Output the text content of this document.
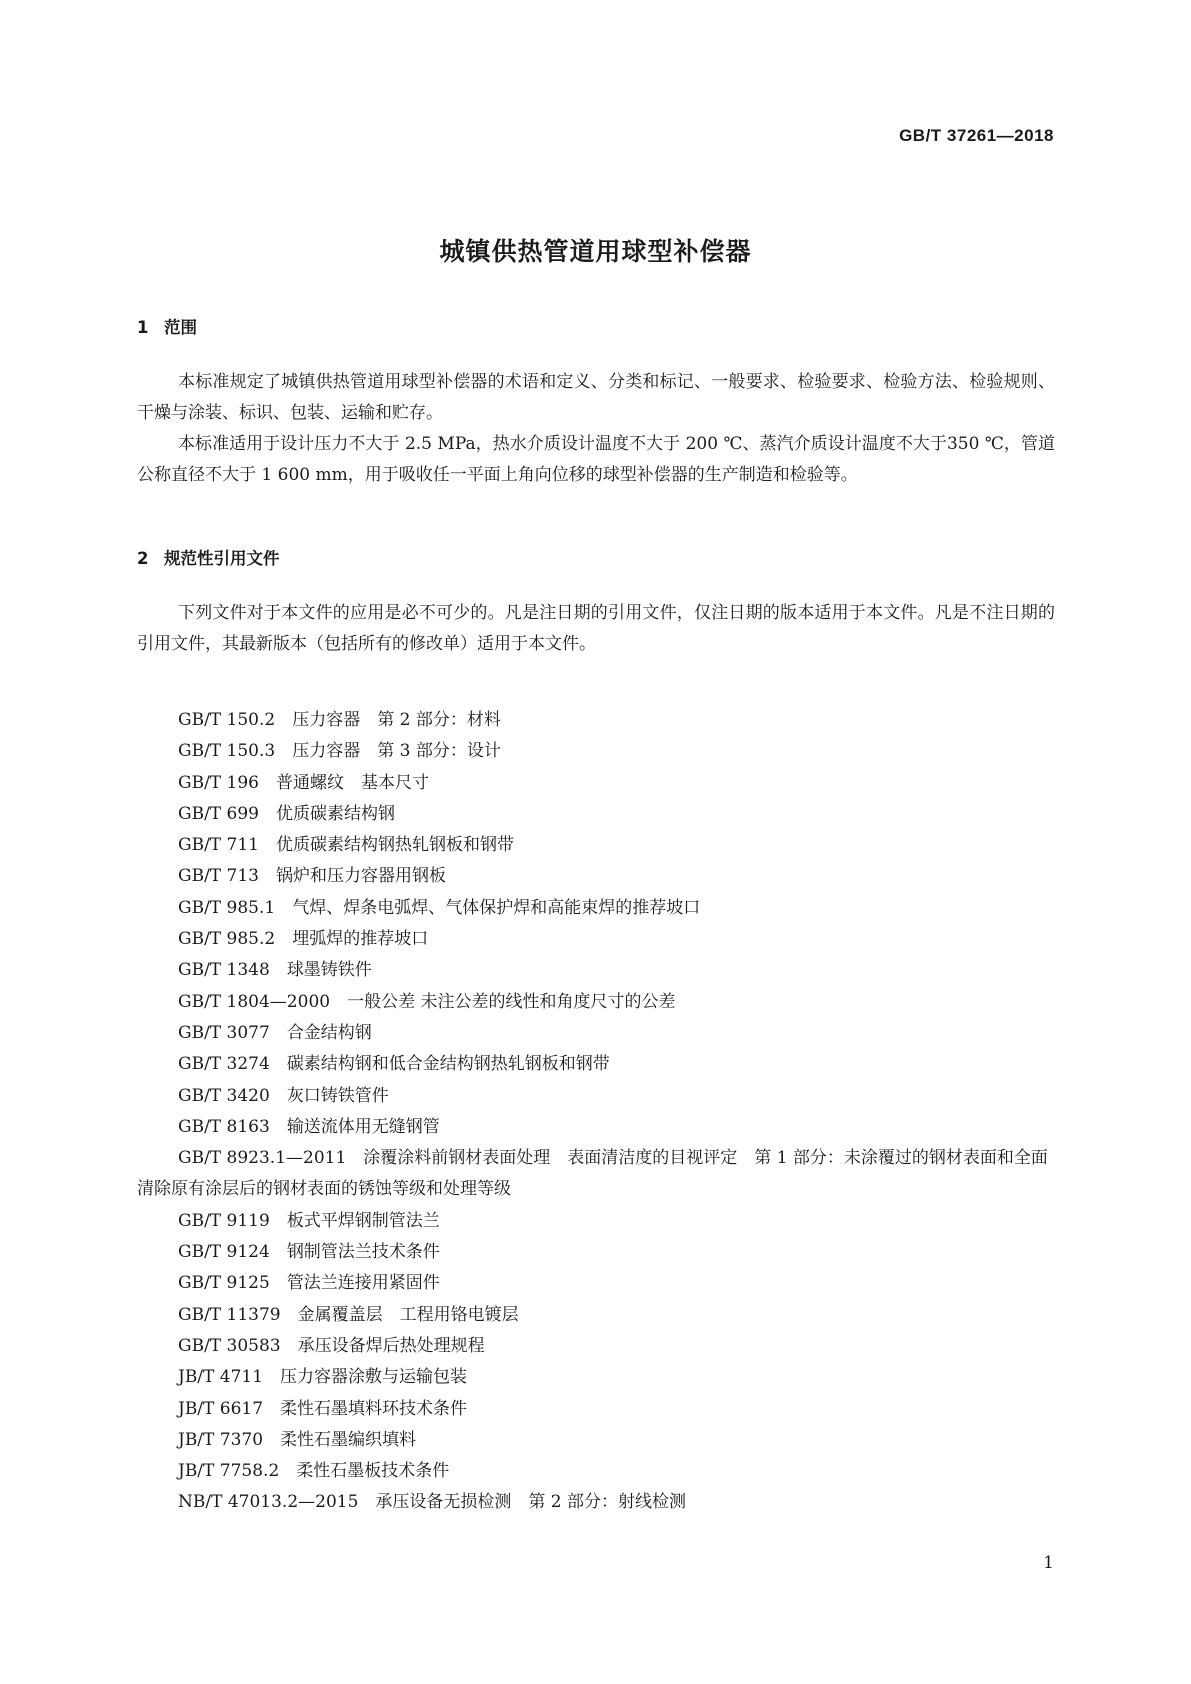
GB/T 37261—2018
城镇供热管道用球型补偿器
1 范围

本标准规定了城镇供热管道用球型补偿器的术语和定义、分类和标记、一般要求、检验要求、检验方法、检验规则、干燥与涂装、标识、包装、运输和贮存。

本标准适用于设计压力不大于 2.5 MPa，热水介质设计温度不大于 200 ℃、蒸汽介质设计温度不大于350 ℃，管道公称直径不大于 1 600 mm，用于吸收任一平面上角向位移的球型补偿器的生产制造和检验等。

2 规范性引用文件

下列文件对于本文件的应用是必不可少的。凡是注日期的引用文件，仅注日期的版本适用于本文件。凡是不注日期的引用文件，其最新版本（包括所有的修改单）适用于本文件。

GB/T 150.2 压力容器　第 2 部分：材料
GB/T 150.3 压力容器　第 3 部分：设计
GB/T 196 普通螺纹　基本尺寸
GB/T 699 优质碳素结构钢
GB/T 711 优质碳素结构钢热轧钢板和钢带
GB/T 713 锅炉和压力容器用钢板
GB/T 985.1 气焊、焊条电弧焊、气体保护焊和高能束焊的推荐坡口
GB/T 985.2 埋弧焊的推荐坡口
GB/T 1348 球墨铸铁件
GB/T 1804—2000 一般公差 未注公差的线性和角度尺寸的公差
GB/T 3077 合金结构钢
GB/T 3274 碳素结构钢和低合金结构钢热轧钢板和钢带
GB/T 3420 灰口铸铁管件
GB/T 8163 输送流体用无缝钢管
GB/T 8923.1—2011 涂覆涂料前钢材表面处理　表面清洁度的目视评定　第 1 部分：未涂覆过的钢材表面和全面清除原有涂层后的钢材表面的锈蚀等级和处理等级
GB/T 9119 板式平焊钢制管法兰
GB/T 9124 钢制管法兰技术条件
GB/T 9125 管法兰连接用紧固件
GB/T 11379 金属覆盖层　工程用铬电镀层
GB/T 30583 承压设备焊后热处理规程
JB/T 4711 压力容器涂敷与运输包装
JB/T 6617 柔性石墨填料环技术条件
JB/T 7370 柔性石墨编织填料
JB/T 7758.2 柔性石墨板技术条件
NB/T 47013.2—2015 承压设备无损检测　第 2 部分：射线检测
1
